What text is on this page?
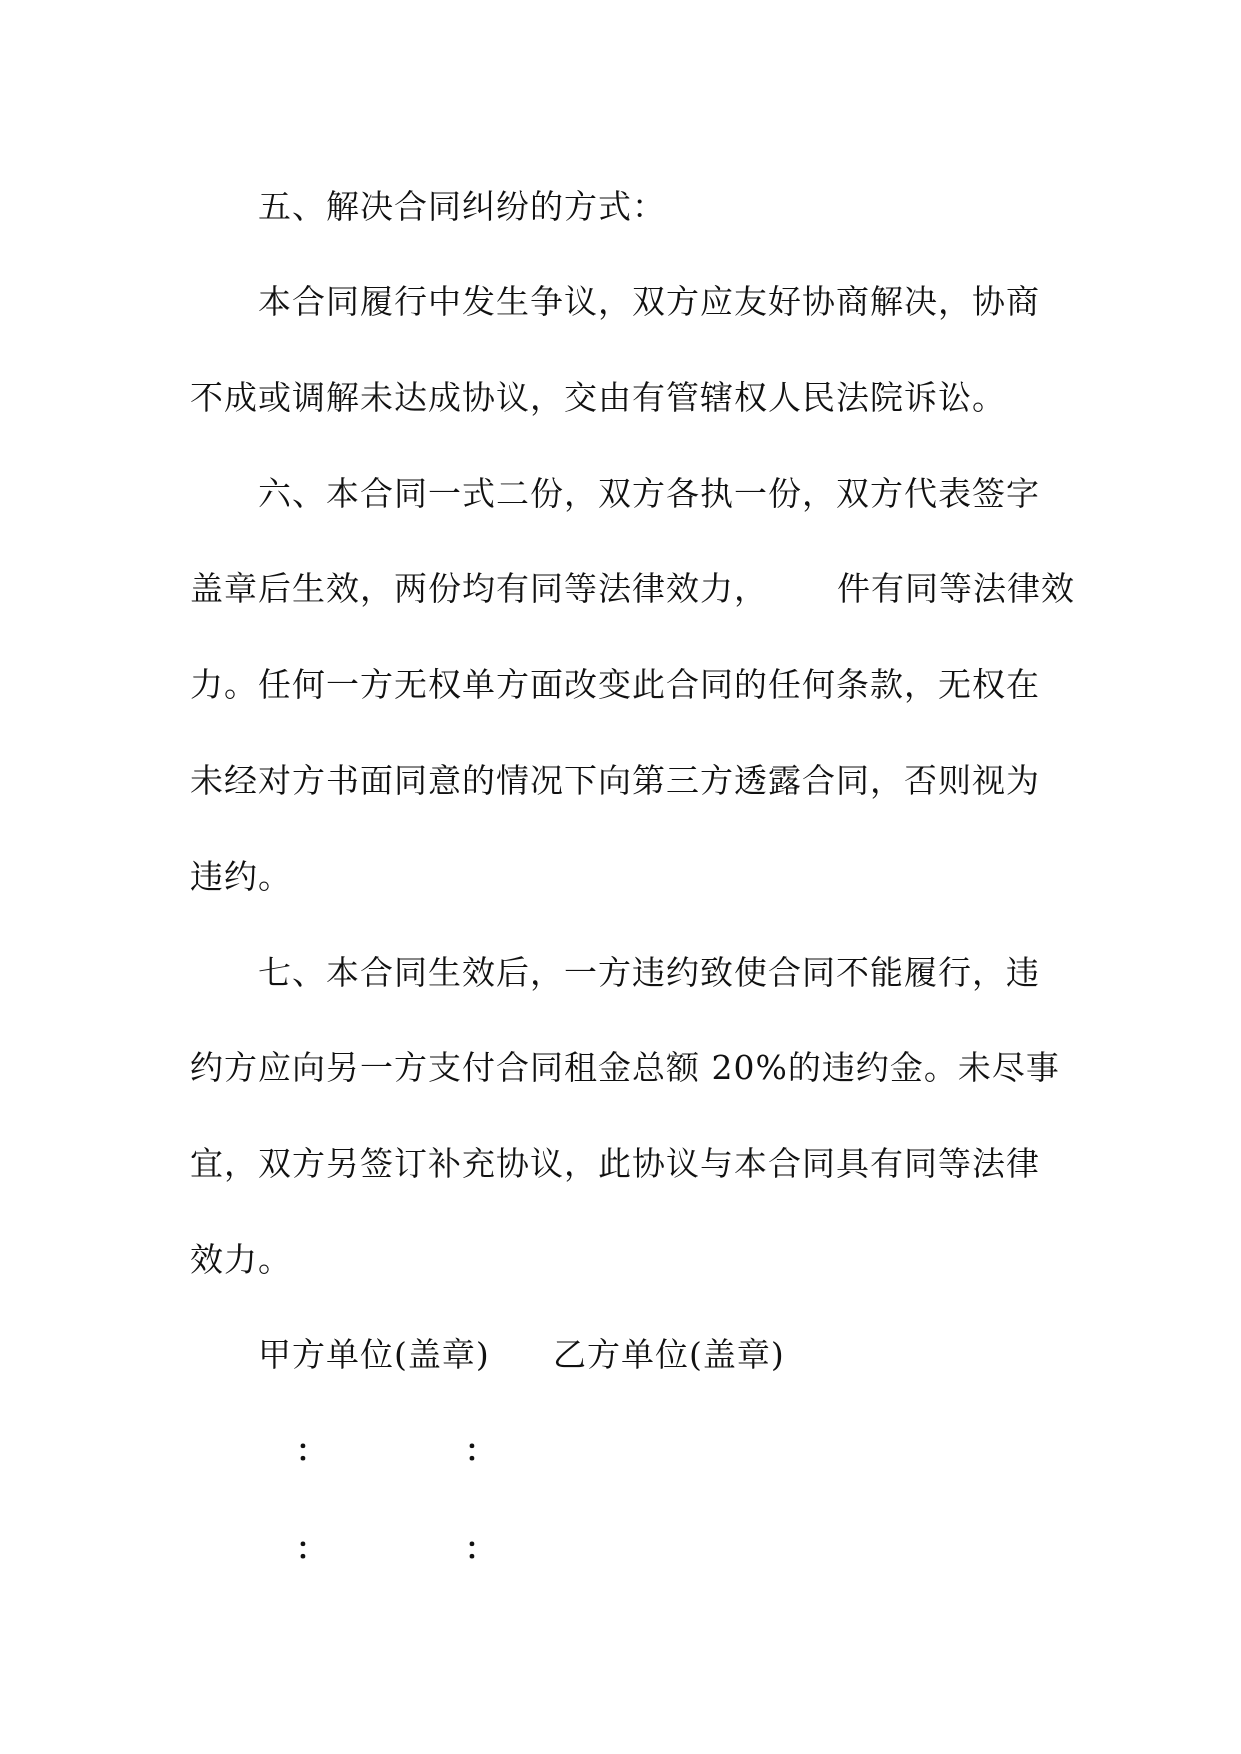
五、解决合同纠纷的方式：
本合同履行中发生争议，双方应友好协商解决，协商
不成或调解未达成协议，交由有管辖权人民法院诉讼。
六、本合同一式二份，双方各执一份，双方代表签字
盖章后生效，两份均有同等法律效力，      件有同等法律效
力。任何一方无权单方面改变此合同的任何条款，无权在
未经对方书面同意的情况下向第三方透露合同，否则视为
违约。
七、本合同生效后，一方违约致使合同不能履行，违
约方应向另一方支付合同租金总额 20%的违约金。未尽事
宜，双方另签订补充协议，此协议与本合同具有同等法律
效力。
甲方单位(盖章) 乙方单位(盖章)
：	：
：	：
